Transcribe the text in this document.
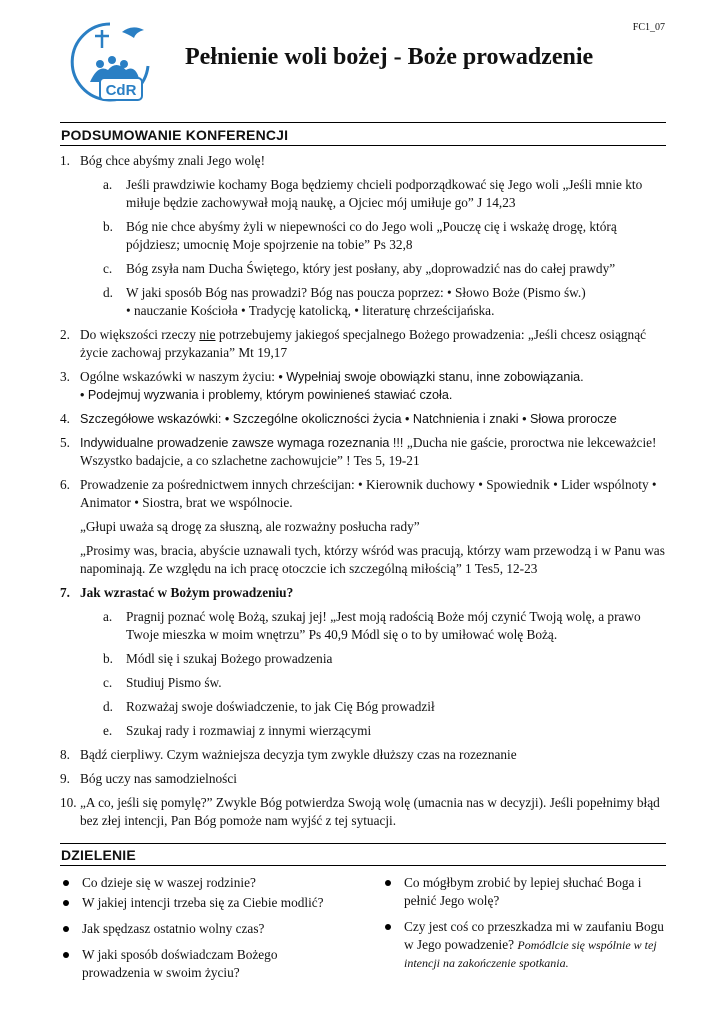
FC1_07
CdR
Pełnienie woli bożej - Boże prowadzenie
PODSUMOWANIE KONFERENCJI
1. Bóg chce abyśmy znali Jego wolę!
a. Jeśli prawdziwie kochamy Boga będziemy chcieli podporządkować się Jego woli „Jeśli mnie kto miłuje będzie zachowywał moją naukę, a Ojciec mój umiłuje go” J 14,23
b. Bóg nie chce abyśmy żyli w niepewności co do Jego woli „Pouczę cię i wskażę drogę, którą pójdziesz; umocnię Moje spojrzenie na tobie” Ps 32,8
c. Bóg zsyła nam Ducha Świętego, który jest posłany, aby „doprowadzić nas do całej prawdy”
d. W jaki sposób Bóg nas prowadzi? Bóg nas poucza poprzez: • Słowo Boże (Pismo św.)
• nauczanie Kościoła • Tradycję katolicką, • literaturę chrześcijańska.
2. Do większości rzeczy nie potrzebujemy jakiegoś specjalnego Bożego prowadzenia: „Jeśli chcesz osiągnąć życie zachowaj przykazania” Mt 19,17
3. Ogólne wskazówki w naszym życiu: • Wypełniaj swoje obowiązki stanu, inne zobowiązania.
• Podejmuj wyzwania i problemy, którym powinieneś stawiać czoła.
4. Szczegółowe wskazówki: • Szczególne okoliczności życia • Natchnienia i znaki • Słowa prorocze
5. Indywidualne prowadzenie zawsze wymaga rozeznania !!! „Ducha nie gaście, proroctwa nie lekceważcie! Wszystko badajcie, a co szlachetne zachowujcie” ! Tes 5, 19-21
6. Prowadzenie za pośrednictwem innych chrześcijan: • Kierownik duchowy • Spowiednik • Lider wspólnoty • Animator • Siostra, brat we wspólnocie.
„Głupi uważa są drogę za słuszną, ale rozważny posłucha rady”
„Prosimy was, bracia, abyście uznawali tych, którzy wśród was pracują, którzy wam przewodzą i w Panu was napominają. Ze względu na ich pracę otoczcie ich szczególną miłością” 1 Tes5, 12-23
7. Jak wzrastać w Bożym prowadzeniu?
a. Pragnij poznać wolę Bożą, szukaj jej! „Jest moją radością Boże mój czynić Twoją wolę, a prawo Twoje mieszka w moim wnętrzu” Ps 40,9 Módl się o to by umiłować wolę Bożą.
b. Módl się i szukaj Bożego prowadzenia
c. Studiuj Pismo św.
d. Rozważaj swoje doświadczenie, to jak Cię Bóg prowadził
e. Szukaj rady i rozmawiaj z innymi wierzącymi
8. Bądź cierpliwy. Czym ważniejsza decyzja tym zwykle dłuższy czas na rozeznanie
9. Bóg uczy nas samodzielności
10. „A co, jeśli się pomylę?” Zwykle Bóg potwierdza Swoją wolę (umacnia nas w decyzji). Jeśli popełnimy błąd bez złej intencji, Pan Bóg pomoże nam wyjść z tej sytuacji.
DZIELENIE
Co dzieje się w waszej rodzinie?
W jakiej intencji trzeba się za Ciebie modlić?
Jak spędzasz ostatnio wolny czas?
W jaki sposób doświadczam Bożego prowadzenia w swoim życiu?
Co mógłbym zrobić by lepiej słuchać Boga i pełnić Jego wolę?
Czy jest coś co przeszkadza mi w zaufaniu Bogu w Jego powadzenie? Pomódlcie się wspólnie w tej intencji na zakończenie spotkania.
